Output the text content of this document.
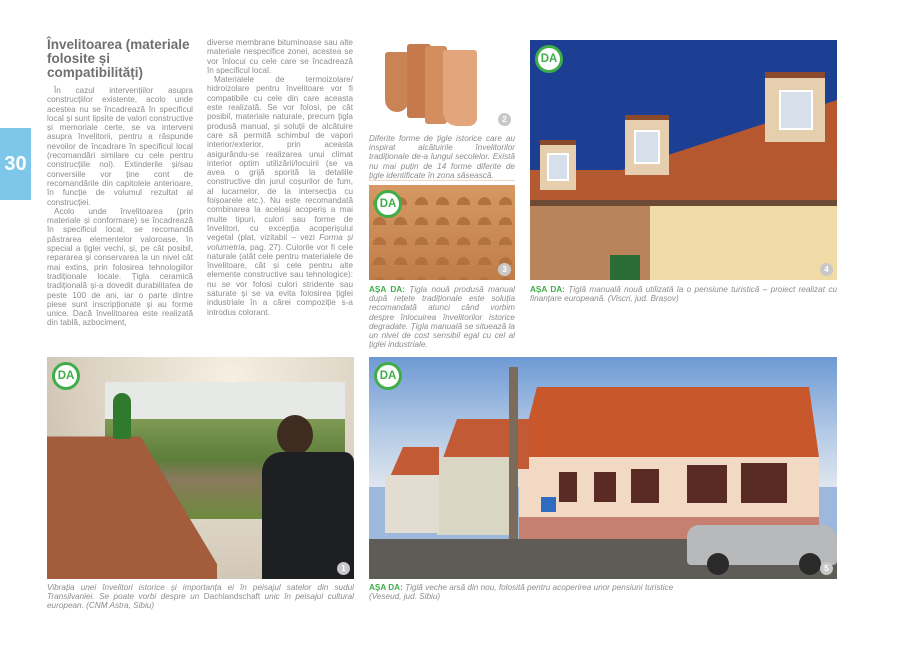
30
Învelitoarea (materiale folosite și compatibilități)

În cazul intervențiilor asupra construcțiilor existente, acolo unde acestea nu se încadrează în specificul local și sunt lipsite de valori constructive și memoriale certe, se va interveni asupra învelitorii, pentru a răspunde nevoilor de încadrare în specificul local (recomandări similare cu cele pentru construcțiile noi). Extinderile și/sau conversiile vor ține cont de recomandările din capitolele anterioare, în funcție de volumul rezultat al construcției.

Acolo unde învelitoarea (prin materiale și conformare) se încadrează în specificul local, se recomandă păstrarea elementelor valoroase, în special a țiglei vechi, și, pe cât posibil, repararea și conservarea la un nivel cât mai extins, prin folosirea tehnologiilor tradiționale locale. Țigla ceramică tradițională și-a dovedit durabilitatea de peste 100 de ani, iar o parte dintre piese sunt inscripționate și au forme unice. Dacă învelitoarea este realizată din tablă, azbociment,

diverse membrane bituminoase sau alte materiale nespecifice zonei, acestea se vor înlocui cu cele care se încadrează în specificul local.

Materialele de termoizolare/ hidroizolare pentru învelitoare vor fi compatibile cu cele din care aceasta este realizată. Se vor folosi, pe cât posibil, materiale naturale, precum țigla produsă manual, și soluții de alcătuire care să permită schimbul de vapori interior/exterior, prin aceasta asigurându-se realizarea unui climat interior optim utilizării/locuirii (se va avea o grijă sporită la detaliile constructive din jurul coșurilor de fum, al lucarnelor, de la intersecția cu foișoarele etc.). Nu este recomandată combinarea la același acoperiș a mai multe tipuri, culori sau forme de învelitori, cu excepția acoperișului vegetal (plat, vizitabil – vezi Forma și volumetria, pag. 27). Culorile vor fi cele naturale (atât cele pentru materialele de învelitoare, cât și cele pentru alte elemente constructive sau tehnologice): nu se vor folosi culori stridente sau saturate și se va evita folosirea țiglei industriale în a cărei compoziție s-a introdus colorant.

2
Diferite forme de țigle istorice care au inspirat alcătuirile învelitorilor tradiționale de-a lungul secolelor. Există nu mai puțin de 14 forme diferite de țigle identificate în zona săsească.
DA
3
AȘA DA: Țigla nouă produsă manual după rețete tradiționale este soluția recomandată atunci când vorbim despre înlocuirea învelitorilor istorice degradate. Țigla manuală se situează la un nivel de cost sensibil egal cu cel al țiglei industriale.
DA
4
AȘA DA: Țiglă manuală nouă utilizată la o pensiune turistică – proiect realizat cu finanțare europeană. (Viscri, jud. Brașov)
DA
1
Vibrația unei învelitori istorice și importanța ei în peisajul satelor din sudul Transilvaniei. Se poate vorbi despre un Dachlandschaft unic în peisajul cultural european. (CNM Astra, Sibiu)
DA
5
AȘA DA: Țiglă veche arsă din nou, folosită pentru acoperirea unor pensiuni turistice (Veseud, jud. Sibiu)
